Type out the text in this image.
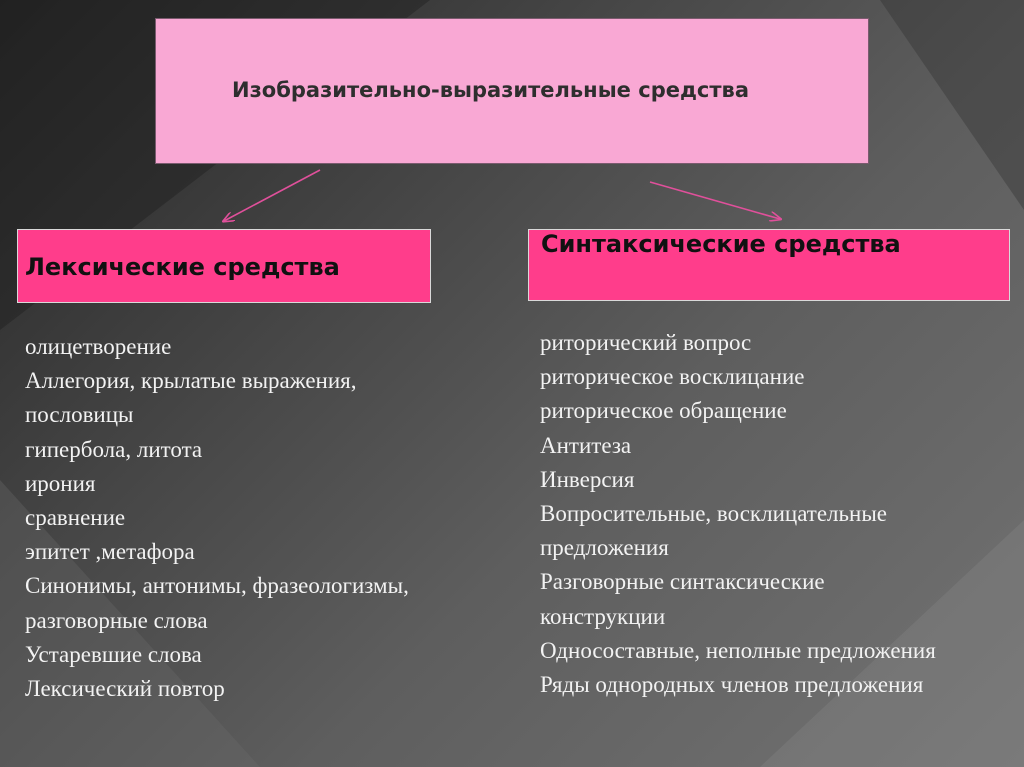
Изобразительно-выразительные средства
Лексические средства
Синтаксические средства
олицетворение
Аллегория, крылатые выражения,
пословицы
гипербола, литота
ирония
сравнение
эпитет ,метафора
Синонимы, антонимы, фразеологизмы,
разговорные слова
Устаревшие слова
Лексический повтор
риторический вопрос
риторическое восклицание
риторическое обращение
Антитеза
Инверсия
Вопросительные, восклицательные
предложения
Разговорные синтаксические
конструкции
Односоставные, неполные предложения
Ряды однородных членов предложения
